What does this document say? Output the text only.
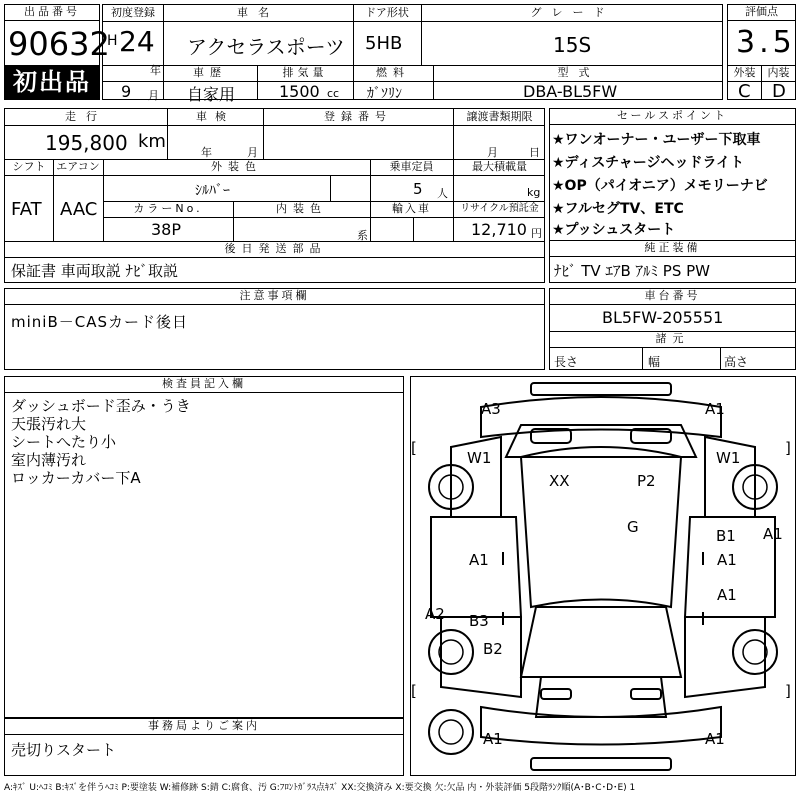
出品番号
90632
初出品
初度登録
H 24
年
9 月
車名
アクセラスポーツ
ドア形状
5HB
グレード
15S
車歴
自家用
排気量
1500 cc
燃料
ｶﾞｿﾘﾝ
型式
DBA-BL5FW
評価点
3.5
外装	内装
C D
走行
195,800 km
車検
年	月
登録番号	譲渡書類期限
月	日
シフト エアコン
FAT AAC
外装色
ｼﾙﾊﾞｰ
乗車定員
5 人
最大積載量
kg
カラーNo.
38P
内装色
系
輸入車	リサイクル預託金
12,710 円
後日発送部品
保証書 車両取説 ﾅﾋﾞ取説
セールスポイント
★ワンオーナー・ユーザー下取車
★ディスチャージヘッドライト
★OP（パイオニア）メモリーナビ
★フルセグTV、ETC
★プッシュスタート
純正装備
ﾅﾋﾞ TV ｴｱB ｱﾙﾐ PS PW
注意事項欄
miniB－CASカード後日
車台番号
BL5FW-205551
諸元
長さ	幅	高さ
検査員記入欄
ダッシュボード歪み・うき
天張汚れ大
シートへたり小
室内薄汚れ
ロッカーカバー下A
事務局よりご案内
売切りスタート
[	]
[	]
A3	A1
W1	W1
XX	P2
G	B1 A1
A1	A1
A1
A2 B3
B2
A1	A1
A:ｷｽﾞ U:ﾍｺﾐ B:ｷｽﾞを伴うﾍｺﾐ P:要塗装 W:補修跡 S:錆 C:腐食、汚 G:ﾌﾛﾝﾄｶﾞﾗｽ点ｷｽﾞ XX:交換済み X:要交換 欠:欠品 内・外装評価 5段階ﾗﾝｸ順(A･B･C･D･E) 1
